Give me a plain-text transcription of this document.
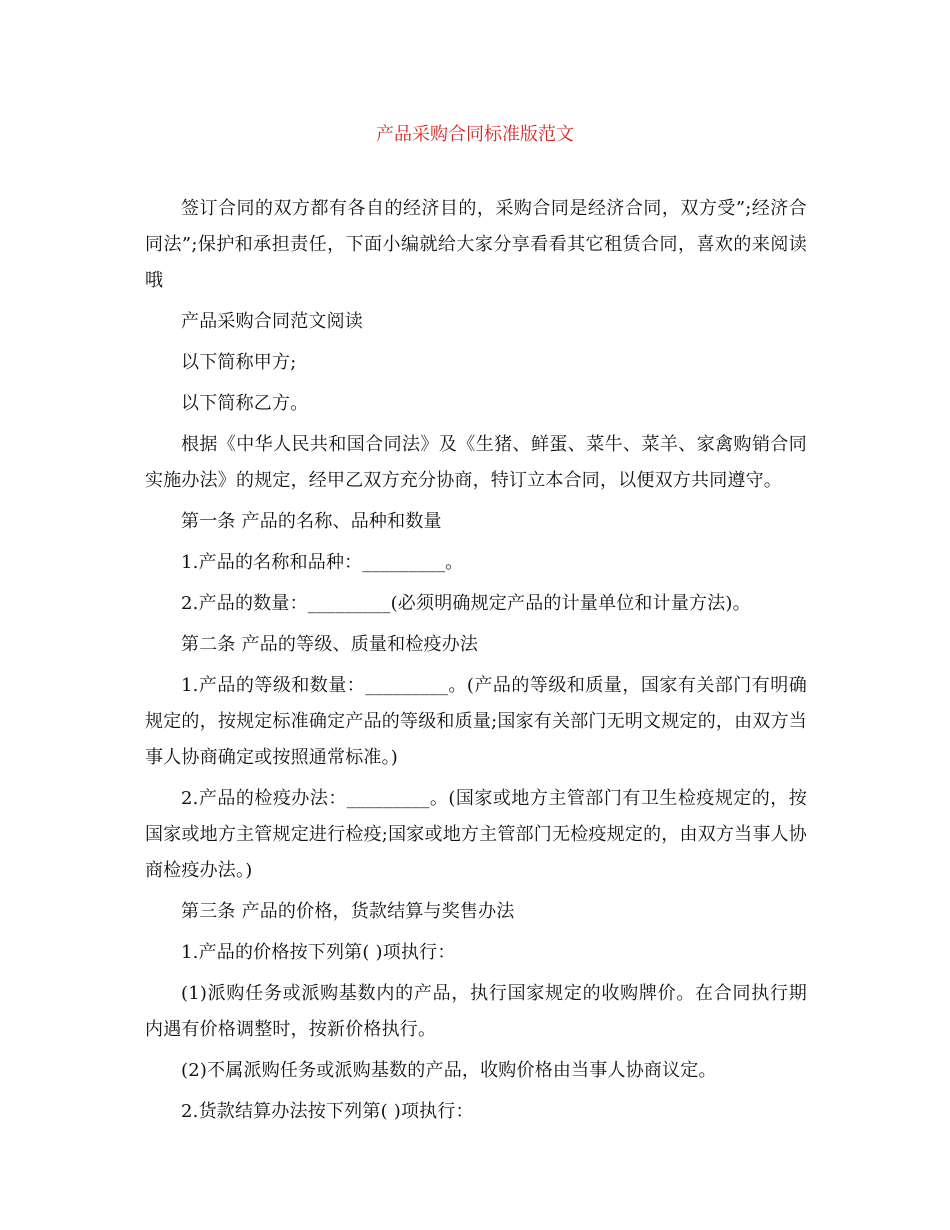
产品采购合同标准版范文

签订合同的双方都有各自的经济目的，采购合同是经济合同，双方受”;经济合同法”;保护和承担责任，下面小编就给大家分享看看其它租赁合同，喜欢的来阅读哦

产品采购合同范文阅读

以下简称甲方;

以下简称乙方。

根据《中华人民共和国合同法》及《生猪、鲜蛋、菜牛、菜羊、家禽购销合同实施办法》的规定，经甲乙双方充分协商，特订立本合同，以便双方共同遵守。

第一条 产品的名称、品种和数量

1.产品的名称和品种：_________。

2.产品的数量：_________(必须明确规定产品的计量单位和计量方法)。

第二条 产品的等级、质量和检疫办法

1.产品的等级和数量：_________。(产品的等级和质量，国家有关部门有明确规定的，按规定标准确定产品的等级和质量;国家有关部门无明文规定的，由双方当事人协商确定或按照通常标准。)

2.产品的检疫办法：_________。(国家或地方主管部门有卫生检疫规定的，按国家或地方主管规定进行检疫;国家或地方主管部门无检疫规定的，由双方当事人协商检疫办法。)

第三条 产品的价格，货款结算与奖售办法

1.产品的价格按下列第( )项执行：

(1)派购任务或派购基数内的产品，执行国家规定的收购牌价。在合同执行期内遇有价格调整时，按新价格执行。

(2)不属派购任务或派购基数的产品，收购价格由当事人协商议定。

2.货款结算办法按下列第( )项执行：
